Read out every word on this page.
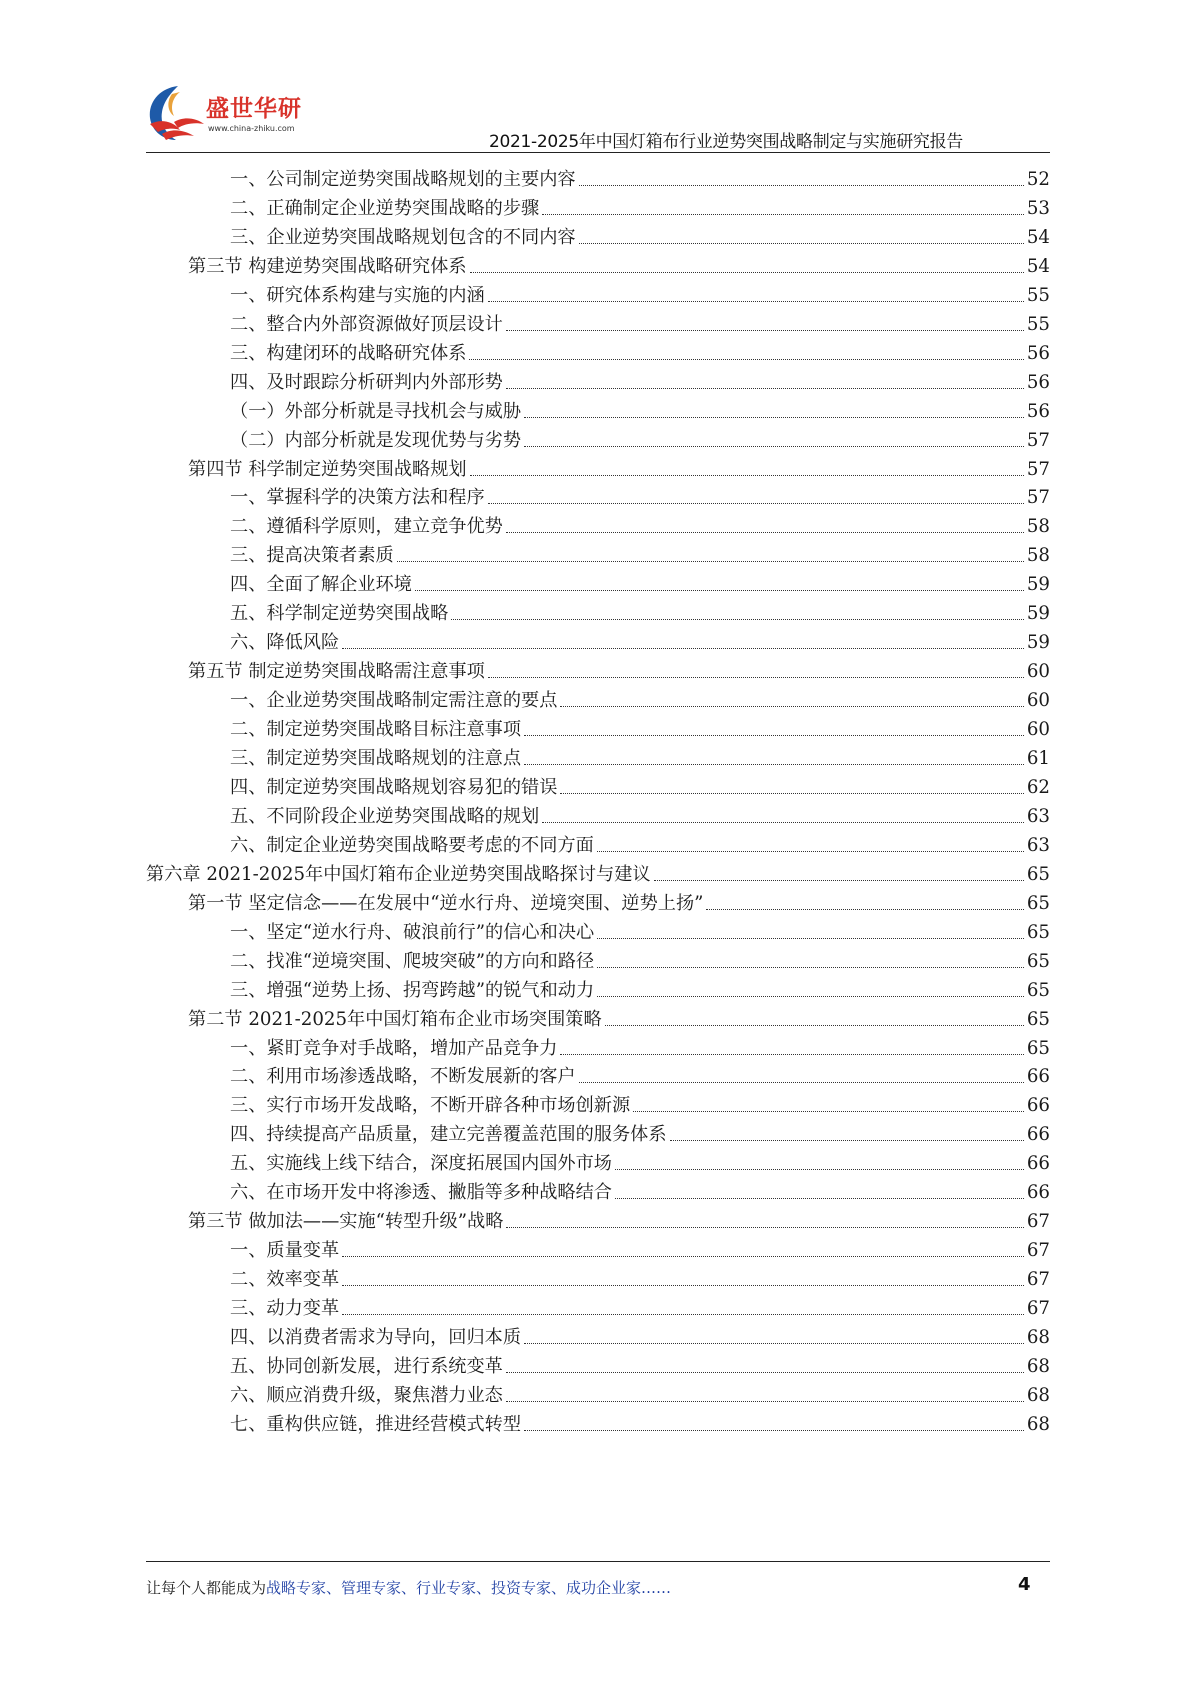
盛世华研
www.china-zhiku.com
2021-2025年中国灯箱布行业逆势突围战略制定与实施研究报告
一、公司制定逆势突围战略规划的主要内容	52
二、正确制定企业逆势突围战略的步骤	53
三、企业逆势突围战略规划包含的不同内容	54
第三节 构建逆势突围战略研究体系	54
一、研究体系构建与实施的内涵	55
二、整合内外部资源做好顶层设计	55
三、构建闭环的战略研究体系	56
四、及时跟踪分析研判内外部形势	56
（一）外部分析就是寻找机会与威胁	56
（二）内部分析就是发现优势与劣势	57
第四节 科学制定逆势突围战略规划	57
一、掌握科学的决策方法和程序	57
二、遵循科学原则，建立竞争优势	58
三、提高决策者素质	58
四、全面了解企业环境	59
五、科学制定逆势突围战略	59
六、降低风险	59
第五节 制定逆势突围战略需注意事项	60
一、企业逆势突围战略制定需注意的要点	60
二、制定逆势突围战略目标注意事项	60
三、制定逆势突围战略规划的注意点	61
四、制定逆势突围战略规划容易犯的错误	62
五、不同阶段企业逆势突围战略的规划	63
六、制定企业逆势突围战略要考虑的不同方面	63
第六章 2021-2025年中国灯箱布企业逆势突围战略探讨与建议	65
第一节 坚定信念——在发展中“逆水行舟、逆境突围、逆势上扬”	65
一、坚定“逆水行舟、破浪前行”的信心和决心	65
二、找准“逆境突围、爬坡突破”的方向和路径	65
三、增强“逆势上扬、拐弯跨越”的锐气和动力	65
第二节 2021-2025年中国灯箱布企业市场突围策略	65
一、紧盯竞争对手战略，增加产品竞争力	65
二、利用市场渗透战略，不断发展新的客户	66
三、实行市场开发战略，不断开辟各种市场创新源	66
四、持续提高产品质量，建立完善覆盖范围的服务体系	66
五、实施线上线下结合，深度拓展国内国外市场	66
六、在市场开发中将渗透、撇脂等多种战略结合	66
第三节 做加法——实施“转型升级”战略	67
一、质量变革	67
二、效率变革	67
三、动力变革	67
四、以消费者需求为导向，回归本质	68
五、协同创新发展，进行系统变革	68
六、顺应消费升级，聚焦潜力业态	68
七、重构供应链，推进经营模式转型	68
让每个人都能成为战略专家、管理专家、行业专家、投资专家、成功企业家……	4
